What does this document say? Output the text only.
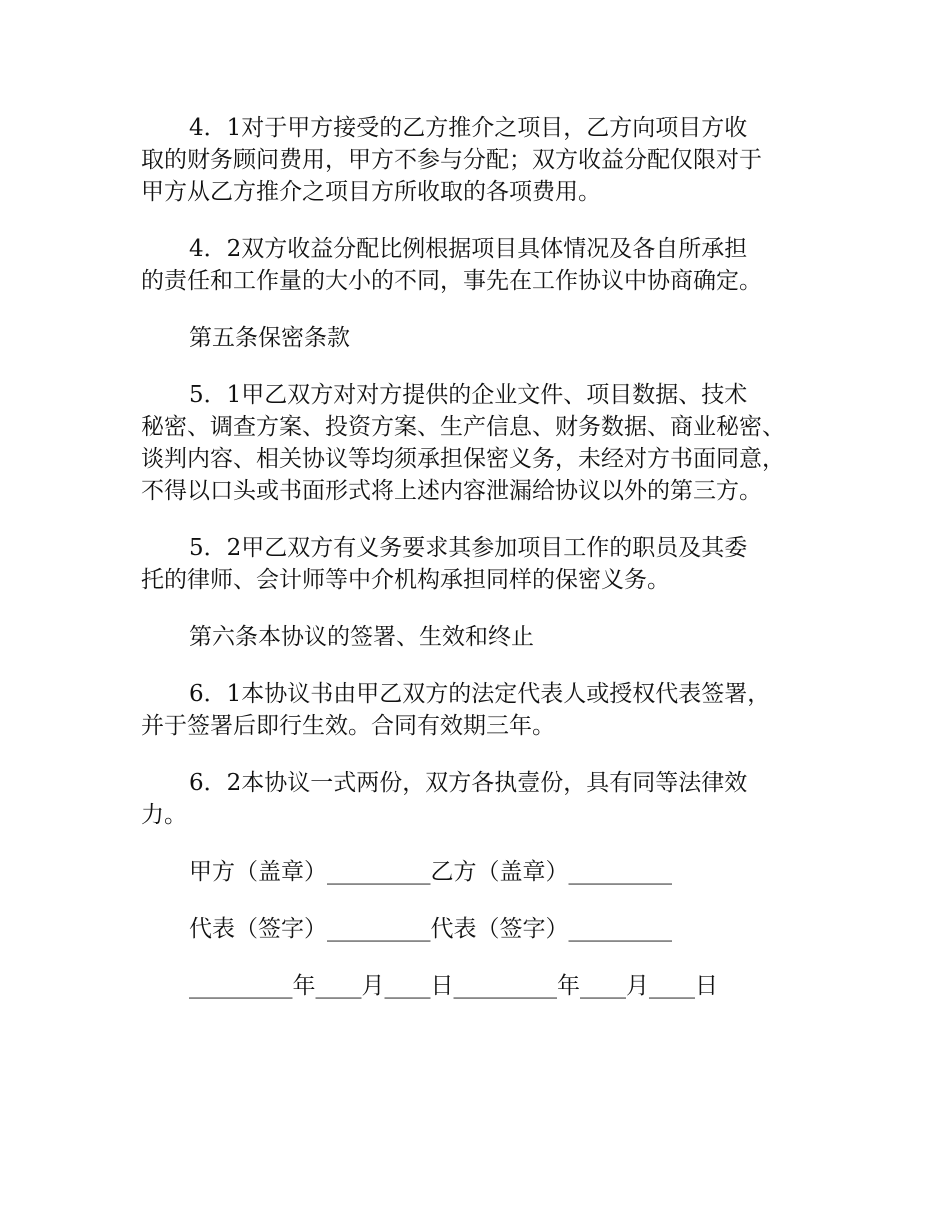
4．1对于甲方接受的乙方推介之项目，乙方向项目方收
取的财务顾问费用，甲方不参与分配；双方收益分配仅限对于
甲方从乙方推介之项目方所收取的各项费用。
4．2双方收益分配比例根据项目具体情况及各自所承担
的责任和工作量的大小的不同，事先在工作协议中协商确定。
第五条保密条款
5．1甲乙双方对对方提供的企业文件、项目数据、技术
秘密、调查方案、投资方案、生产信息、财务数据、商业秘密、
谈判内容、相关协议等均须承担保密义务，未经对方书面同意，
不得以口头或书面形式将上述内容泄漏给协议以外的第三方。
5．2甲乙双方有义务要求其参加项目工作的职员及其委
托的律师、会计师等中介机构承担同样的保密义务。
第六条本协议的签署、生效和终止
6．1本协议书由甲乙双方的法定代表人或授权代表签署，
并于签署后即行生效。合同有效期三年。
6．2本协议一式两份，双方各执壹份，具有同等法律效
力。
甲方（盖章）_________乙方（盖章）_________
代表（签字）_________代表（签字）_________
_________年____月____日_________年____月____日
